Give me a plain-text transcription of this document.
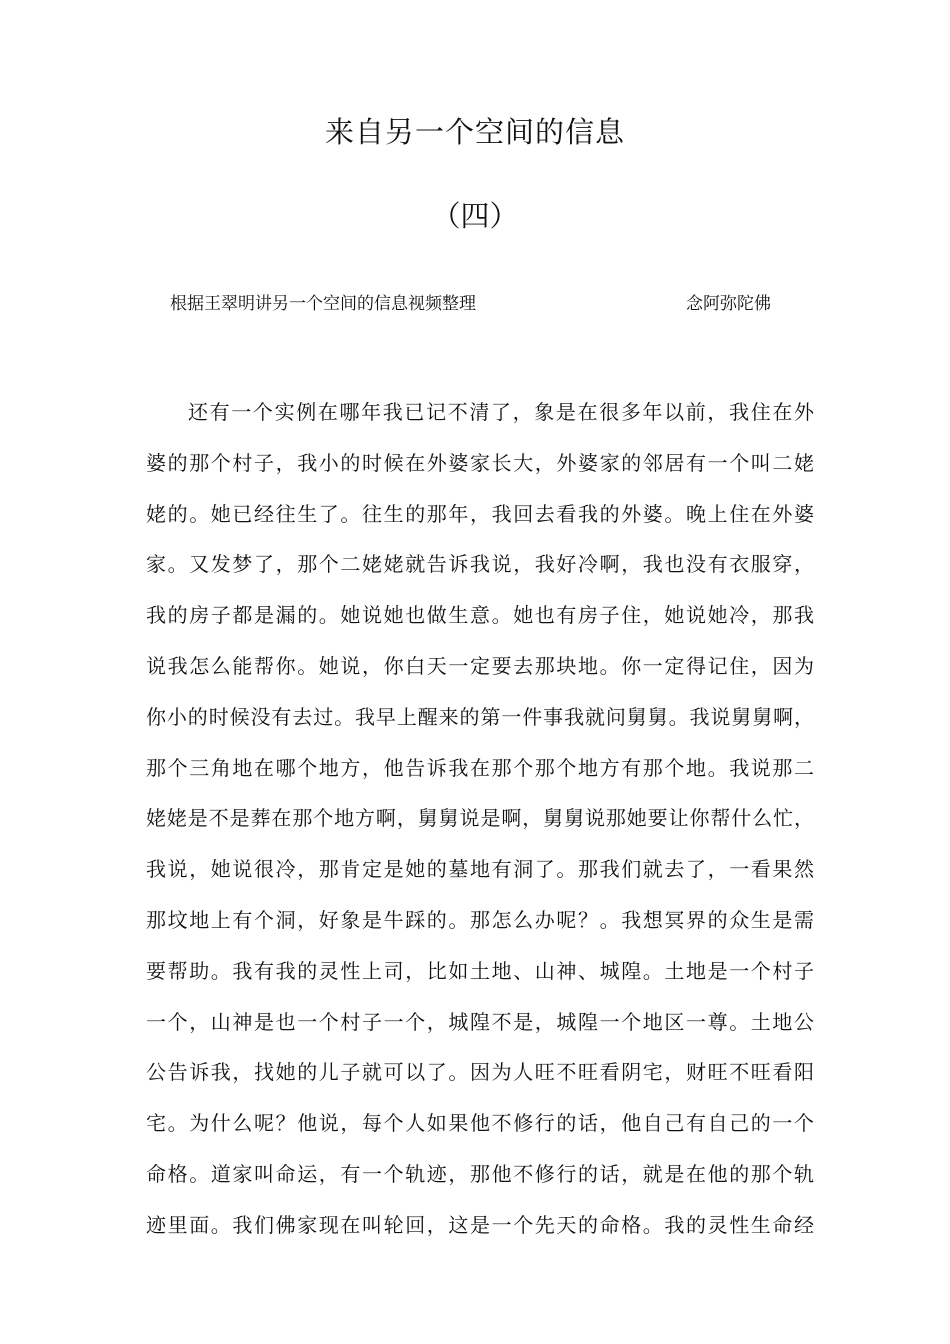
来自另一个空间的信息
（四）
根据王翠明讲另一个空间的信息视频整理	念阿弥陀佛
还有一个实例在哪年我已记不清了，象是在很多年以前，我住在外
婆的那个村子，我小的时候在外婆家长大，外婆家的邻居有一个叫二姥
姥的。她已经往生了。往生的那年，我回去看我的外婆。晚上住在外婆
家。又发梦了，那个二姥姥就告诉我说，我好冷啊，我也没有衣服穿，
我的房子都是漏的。她说她也做生意。她也有房子住，她说她冷，那我
说我怎么能帮你。她说，你白天一定要去那块地。你一定得记住，因为
你小的时候没有去过。我早上醒来的第一件事我就问舅舅。我说舅舅啊，
那个三角地在哪个地方，他告诉我在那个那个地方有那个地。我说那二
姥姥是不是葬在那个地方啊，舅舅说是啊，舅舅说那她要让你帮什么忙，
我说，她说很冷，那肯定是她的墓地有洞了。那我们就去了，一看果然
那坟地上有个洞，好象是牛踩的。那怎么办呢？。我想冥界的众生是需
要帮助。我有我的灵性上司，比如土地、山神、城隍。土地是一个村子
一个，山神是也一个村子一个，城隍不是，城隍一个地区一尊。土地公
公告诉我，找她的儿子就可以了。因为人旺不旺看阴宅，财旺不旺看阳
宅。为什么呢？他说，每个人如果他不修行的话，他自己有自己的一个
命格。道家叫命运，有一个轨迹，那他不修行的话，就是在他的那个轨
迹里面。我们佛家现在叫轮回，这是一个先天的命格。我的灵性生命经
